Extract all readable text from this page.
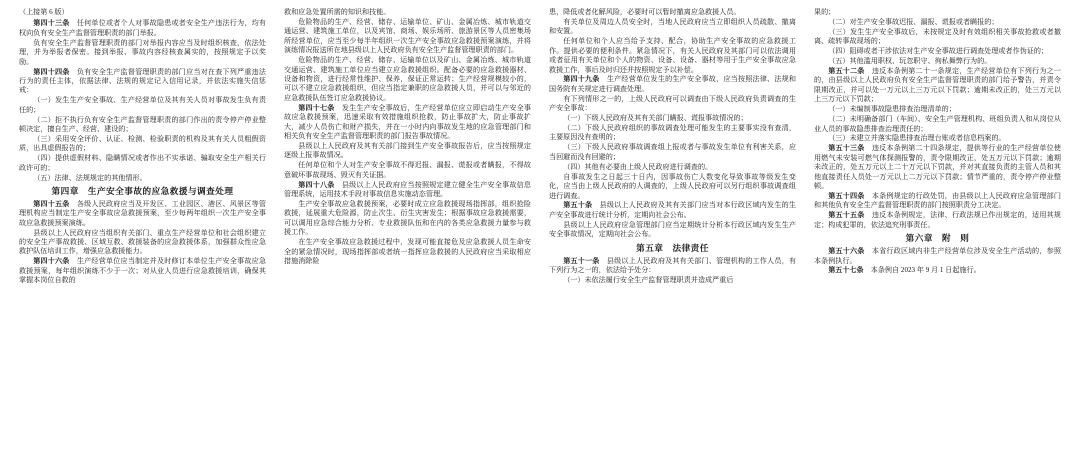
（上接第 6 版）

第四十三条　任何单位或者个人对事故隐患或者安全生产违法行为，均有权向负有安全生产监督管理职责的部门举报。

负有安全生产监督管理职责的部门对举报内容应当及时组织核查，依法处理，并为举报者保密。接到举报、事故内容经核查属实的，按照规定予以奖励。

第四十四条　负有安全生产监督管理职责的部门应当对在查下列严重违法行为的责任主体，依据法律、法规的规定记入信用记录，并依法实施失信惩戒：

（一）发生生产安全事故、生产经营单位及其有关人员对事故发生负有责任的；

（二）拒不执行负有安全生产监督管理职责的部门作出的责令停产停业整顿决定，擅自生产、经营、建设的；

（三）采用安全评价、认证、检测、检验职责的机构及其有关人员粗假资质，出具虚假报告的；

（四）提供虚假材料、隐瞒情况或者作出不实承诺、骗取安全生产相关行政许可的；

（五）法律、法规规定的其他情形。

第四章　生产安全事故的应急救援与调查处理

第四十五条　各级人民政府应当及开发区、工业园区、港区、风景区等管理机构应当制定生产安全事故应急救援预案，至少每两年组织一次生产安全事故应急救援预案演练。

县级以上人民政府应当组织有关部门、重点生产经营单位和社会组织建立的安全生产事故救援、区域互救、救援装备的应急救援体系，加强群众性应急救护队伍培训工作，增强应急救援能力。

第四十六条　生产经营单位应当制定并及时修订本单位生产安全事故应急救援预案，每年组织演练不少于一次；对从业人员进行应急救援培训，确保其掌握本岗位自救的

救和应急处置所需的知识和技能。

危险物品的生产、经营、储存、运输单位、矿山、金属冶炼、城市轨道交通运营、建筑施工单位，以及宾馆、商场、娱乐场所、旅游景区等人员密集场所经营单位，应当至少每半年组织一次生产安全事故应急救援预案演练，并将演练情况报送所在地县级以上人民政府负有安全生产监督管理职责的部门。

危险物品的生产、经营、储存、运输单位以及矿山、金属冶炼、城市轨道交通运营、建筑施工单位应当建立应急救援组织。配备必要的应急救援器材、设备和物资，进行经常性维护、保养，保证正常运转；生产经营规模较小的，可以不建立应急救援组织，但应当指定兼职的应急救援人员，并可以与邻近的应急救援队伍签订应急救援协议。

第四十七条　发生生产安全事故后，生产经营单位应立即启动生产安全事故应急救援预案，迅速采取有效措施组织抢救，防止事故扩大，防止事故扩大，减少人员伤亡和财产损失，并在一小时内向事故发生地的应急管理部门和相关负有安全生产监督管理职责的部门报告事故情况。

县级以上人民政府及其有关部门接到生产安全事故报告后，应当按照规定逐级上报事故情况。

任何单位和个人对生产安全事故不得迟报、漏报、谎报或者瞒报，不得故意破坏事故现场、毁灭有关证据。

第四十八条　县级以上人民政府应当按照规定建立健全生产安全事故信息管理系统，运用技术手段对事故信息实施动态管理。

生产安全事故应急救援预案，必要时成立应急救援现场指挥部，组织抢险救援，延展重大危险源，防止次生、衍生灾害发生；根据事故应急救援需要，可以调用应急综合能力分析、专业救援队伍和在内的各类应急救援力量参与救援工作。

在生产安全事故应急救援过程中，发现可能直接危及应急救援人员生命安全的紧急情况时，现场指挥部或者统一指挥应急救援的人民政府应当采取相应措施消除险

患，降低或者化解风险，必要时可以暂时撤离应急救援人员。

有关单位及周边人员安全时，当地人民政府应当立即组织人员疏散、撤离和安置。

任何单位和个人应当给予支持、配合，协助生产安全事故的应急救援工作。提供必要的便利条件。紧急情况下，有关人民政府及其部门可以依法调用或者征用有关单位和个人的物资、设备、设备、器材等用于生产安全事故应急救援工作，事后及时归还并按照规定予以补偿。

第四十九条　生产经营单位发生的生产安全事故，应当按照法律、法规和国务院有关规定进行调查处理。

有下列情形之一的，上级人民政府可以调查由下级人民政府负责调查的生产安全事故：

（一）下级人民政府及其有关部门瞒报、谎报事故情况的；

（二）下级人民政府组织的事故调查处理可能发生的主要事实没有查清，主要原因没有查明的；

（三）下级人民政府事故调查组上报或者与事故发生单位有利害关系，应当回避而没有回避的；

（四）其他有必要由上级人民政府进行调查的。

自事故发生之日起三十日内，因事故伤亡人数变化导致事故等级发生变化，应当由上级人民政府的人调查的，上级人民政府可以另行组织事故调查组进行调查。

第五十条　县级以上人民政府及其有关部门应当对本行政区域内发生的生产安全事故进行统计分析，定期向社会公布。

县级以上人民政府应急管理部门应当定期统计分析本行政区域内发生生产安全事故情况，定期向社会公布。

第五章　法律责任

第五十一条　县级以上人民政府及其有关部门、管理机构的工作人员，有下列行为之一的，依法给予处分：

（一）未依法履行安全生产监督管理职责并造成严重后

果的；

（二）对生产安全事故迟报、漏报、谎报或者瞒报的；

（三）发生生产安全事故后，未按规定及时有效组织相关事故抢救或者撤离、疏转事故现场的；

（四）阻碍或者干涉依法对生产安全事故进行调查处理或者作伪证的；

（五）其他滥用职权、玩忽职守、徇私舞弊行为的。

第五十二条　违反本条例第二十一条规定，生产经营单位有下列行为之一的，由县级以上人民政府负有安全生产监督管理职责的部门给予警告，并责令限期改正，并可以处一万元以上三万元以下罚款；逾期未改正的，处三万元以上三万元以下罚款；

（一）未编制事故隐患排查治理清单的；

（二）未明确备部门（车间）、安全生产管理机构、班组负责人和从岗位从业人员的事故隐患排查治理责任的；

（三）未建立并落实隐患排查治理台账或者信息档案的。

第五十三条　违反本条例第二十四条规定，提供等行业的生产经营单位使用燃气未安装可燃气体探测报警的，责令限期改正，处五万元以下罚款；逾期未改正的，处五万元以上二十万元以下罚款，并对其直接负责的主管人员和其他直接责任人员处一万元以上二万元以下罚款；情节严重的，责令停产停业整顿。

第五十四条　本条例规定的行政处罚，由县级以上人民政府应急管理部门和其他负有安全生产监督管理职责的部门按照职责分工决定。

第五十五条　违反本条例规定，法律、行政法规已作出规定的，适用其规定；构成犯罪的，依法追究刑事责任。

第六章　附　则

第五十六条　本省行政区域内非生产经营单位涉及安全生产活动的，参照本条例执行。

第五十七条　本条例自 2023 年 9 月 1 日起施行。
